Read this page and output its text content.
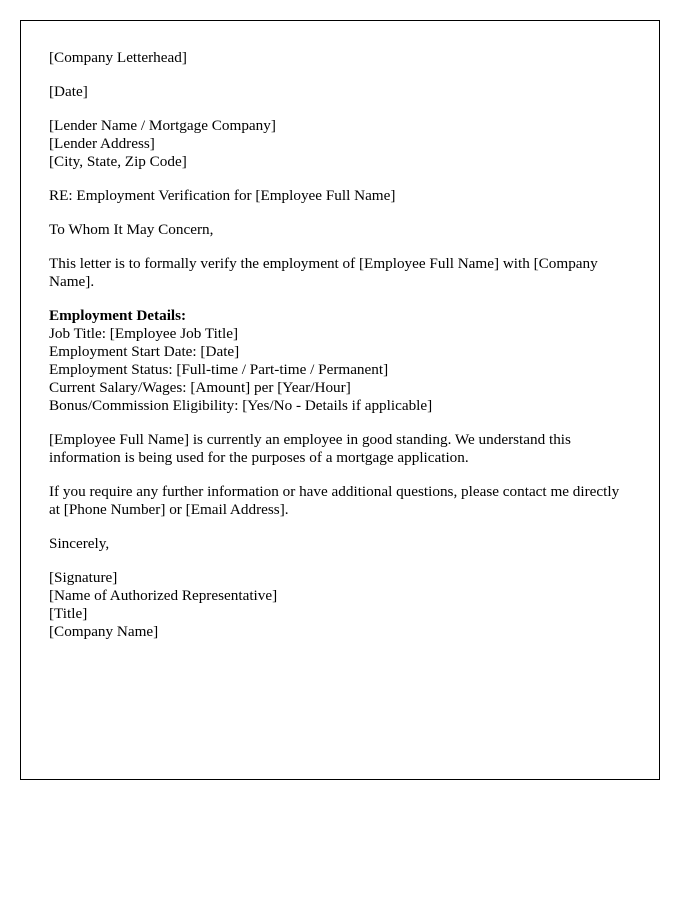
[Company Letterhead]
[Date]
[Lender Name / Mortgage Company]
[Lender Address]
[City, State, Zip Code]
RE: Employment Verification for [Employee Full Name]
To Whom It May Concern,
This letter is to formally verify the employment of [Employee Full Name] with [Company Name].
Employment Details:
Job Title: [Employee Job Title]
Employment Start Date: [Date]
Employment Status: [Full-time / Part-time / Permanent]
Current Salary/Wages: [Amount] per [Year/Hour]
Bonus/Commission Eligibility: [Yes/No - Details if applicable]
[Employee Full Name] is currently an employee in good standing. We understand this information is being used for the purposes of a mortgage application.
If you require any further information or have additional questions, please contact me directly at [Phone Number] or [Email Address].
Sincerely,
[Signature]
[Name of Authorized Representative]
[Title]
[Company Name]
